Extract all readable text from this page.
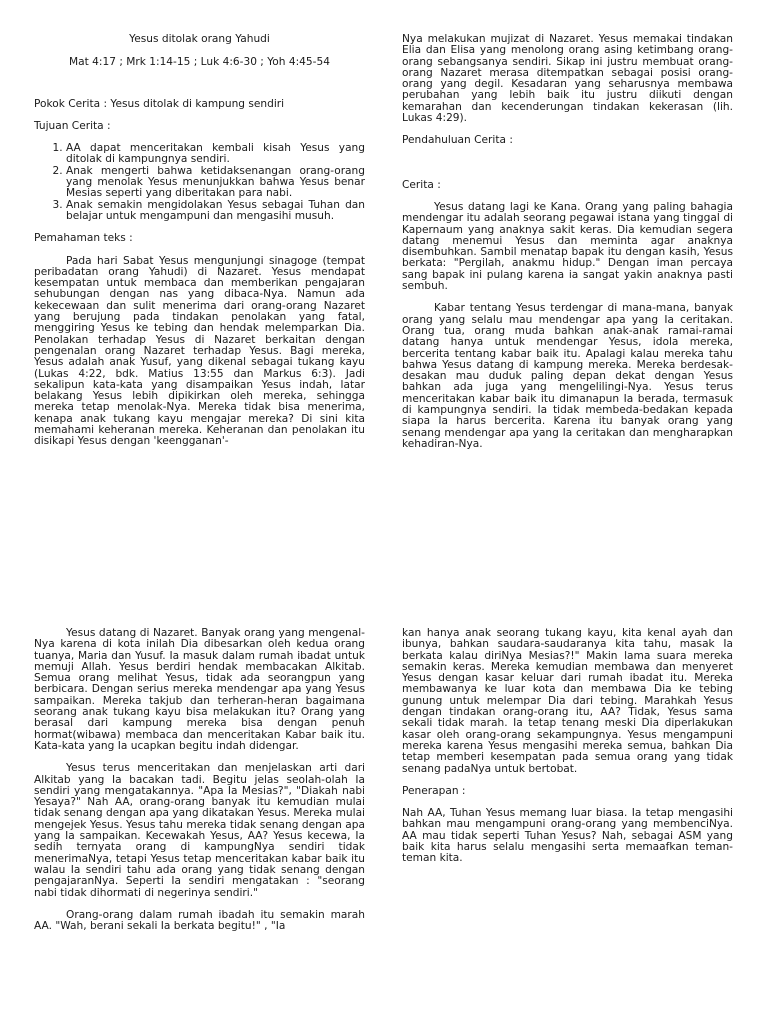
Yesus ditolak orang Yahudi

Mat 4:17 ; Mrk 1:14-15 ; Luk 4:6-30 ; Yoh 4:45-54

Pokok Cerita : Yesus ditolak di kampung sendiri

Tujuan Cerita :

1. AA dapat menceritakan kembali kisah Yesus yang ditolak di kampungnya sendiri.
2. Anak mengerti bahwa ketidaksenangan orang-orang yang menolak Yesus menunjukkan bahwa Yesus benar Mesias seperti yang diberitakan para nabi.
3. Anak semakin mengidolakan Yesus sebagai Tuhan dan belajar untuk mengampuni dan mengasihi musuh.

Pemahaman teks :

Pada hari Sabat Yesus mengunjungi sinagoge (tempat peribadatan orang Yahudi) di Nazaret. Yesus mendapat kesempatan untuk membaca dan memberikan pengajaran sehubungan dengan nas yang dibaca-Nya. Namun ada kekecewaan dan sulit menerima dari orang-orang Nazaret yang berujung pada tindakan penolakan yang fatal, menggiring Yesus ke tebing dan hendak melemparkan Dia. Penolakan terhadap Yesus di Nazaret berkaitan dengan pengenalan orang Nazaret terhadap Yesus. Bagi mereka, Yesus adalah anak Yusuf, yang dikenal sebagai tukang kayu (Lukas 4:22, bdk. Matius 13:55 dan Markus 6:3). Jadi sekalipun kata-kata yang disampaikan Yesus indah, latar belakang Yesus lebih dipikirkan oleh mereka, sehingga mereka tetap menolak-Nya. Mereka tidak bisa menerima, kenapa anak tukang kayu mengajar mereka? Di sini kita memahami keheranan mereka. Keheranan dan penolakan itu disikapi Yesus dengan 'keengganan'-

Nya melakukan mujizat di Nazaret. Yesus memakai tindakan Elia dan Elisa yang menolong orang asing ketimbang orang-orang sebangsanya sendiri. Sikap ini justru membuat orang-orang Nazaret merasa ditempatkan sebagai posisi orang-orang yang degil. Kesadaran yang seharusnya membawa perubahan yang lebih baik itu justru diikuti dengan kemarahan dan kecenderungan tindakan kekerasan (lih. Lukas 4:29).

Pendahuluan Cerita :

Cerita :

Yesus datang lagi ke Kana. Orang yang paling bahagia mendengar itu adalah seorang pegawai istana yang tinggal di Kapernaum yang anaknya sakit keras. Dia kemudian segera datang menemui Yesus dan meminta agar anaknya disembuhkan. Sambil menatap bapak itu dengan kasih, Yesus berkata: "Pergilah, anakmu hidup." Dengan iman percaya sang bapak ini pulang karena ia sangat yakin anaknya pasti sembuh.

Kabar tentang Yesus terdengar di mana-mana, banyak orang yang selalu mau mendengar apa yang Ia ceritakan. Orang tua, orang muda bahkan anak-anak ramai-ramai datang hanya untuk mendengar Yesus, idola mereka, bercerita tentang kabar baik itu. Apalagi kalau mereka tahu bahwa Yesus datang di kampung mereka. Mereka berdesak-desakan mau duduk paling depan dekat dengan Yesus bahkan ada juga yang mengelilingi-Nya. Yesus terus menceritakan kabar baik itu dimanapun Ia berada, termasuk di kampungnya sendiri. Ia tidak membeda-bedakan kepada siapa Ia harus bercerita. Karena itu banyak orang yang senang mendengar apa yang Ia ceritakan dan mengharapkan kehadiran-Nya.

Yesus datang di Nazaret. Banyak orang yang mengenal-Nya karena di kota inilah Dia dibesarkan oleh kedua orang tuanya, Maria dan Yusuf. Ia masuk dalam rumah ibadat untuk memuji Allah. Yesus berdiri hendak membacakan Alkitab. Semua orang melihat Yesus, tidak ada seorangpun yang berbicara. Dengan serius mereka mendengar apa yang Yesus sampaikan. Mereka takjub dan terheran-heran bagaimana seorang anak tukang kayu bisa melakukan itu? Orang yang berasal dari kampung mereka bisa dengan penuh hormat(wibawa) membaca dan menceritakan Kabar baik itu. Kata-kata yang Ia ucapkan begitu indah didengar.

Yesus terus menceritakan dan menjelaskan arti dari Alkitab yang Ia bacakan tadi. Begitu jelas seolah-olah Ia sendiri yang mengatakannya. "Apa Ia Mesias?", "Diakah nabi Yesaya?" Nah AA, orang-orang banyak itu kemudian mulai tidak senang dengan apa yang dikatakan Yesus. Mereka mulai mengejek Yesus. Yesus tahu mereka tidak senang dengan apa yang Ia sampaikan. Kecewakah Yesus, AA? Yesus kecewa, Ia sedih ternyata orang di kampungNya sendiri tidak menerimaNya, tetapi Yesus tetap menceritakan kabar baik itu walau Ia sendiri tahu ada orang yang tidak senang dengan pengajaranNya. Seperti Ia sendiri mengatakan : "seorang nabi tidak dihormati di negerinya sendiri."

Orang-orang dalam rumah ibadah itu semakin marah AA. "Wah, berani sekali Ia berkata begitu!" , "Ia

kan hanya anak seorang tukang kayu, kita kenal ayah dan ibunya, bahkan saudara-saudaranya kita tahu, masak Ia berkata kalau diriNya Mesias?!" Makin lama suara mereka semakin keras. Mereka kemudian membawa dan menyeret Yesus dengan kasar keluar dari rumah ibadat itu. Mereka membawanya ke luar kota dan membawa Dia ke tebing gunung untuk melempar Dia dari tebing. Marahkah Yesus dengan tindakan orang-orang itu, AA? Tidak, Yesus sama sekali tidak marah. Ia tetap tenang meski Dia diperlakukan kasar oleh orang-orang sekampungnya. Yesus mengampuni mereka karena Yesus mengasihi mereka semua, bahkan Dia tetap memberi kesempatan pada semua orang yang tidak senang padaNya untuk bertobat.

Penerapan :

Nah AA, Tuhan Yesus memang luar biasa. Ia tetap mengasihi bahkan mau mengampuni orang-orang yang membenciNya. AA mau tidak seperti Tuhan Yesus? Nah, sebagai ASM yang baik kita harus selalu mengasihi serta memaafkan teman-teman kita.
